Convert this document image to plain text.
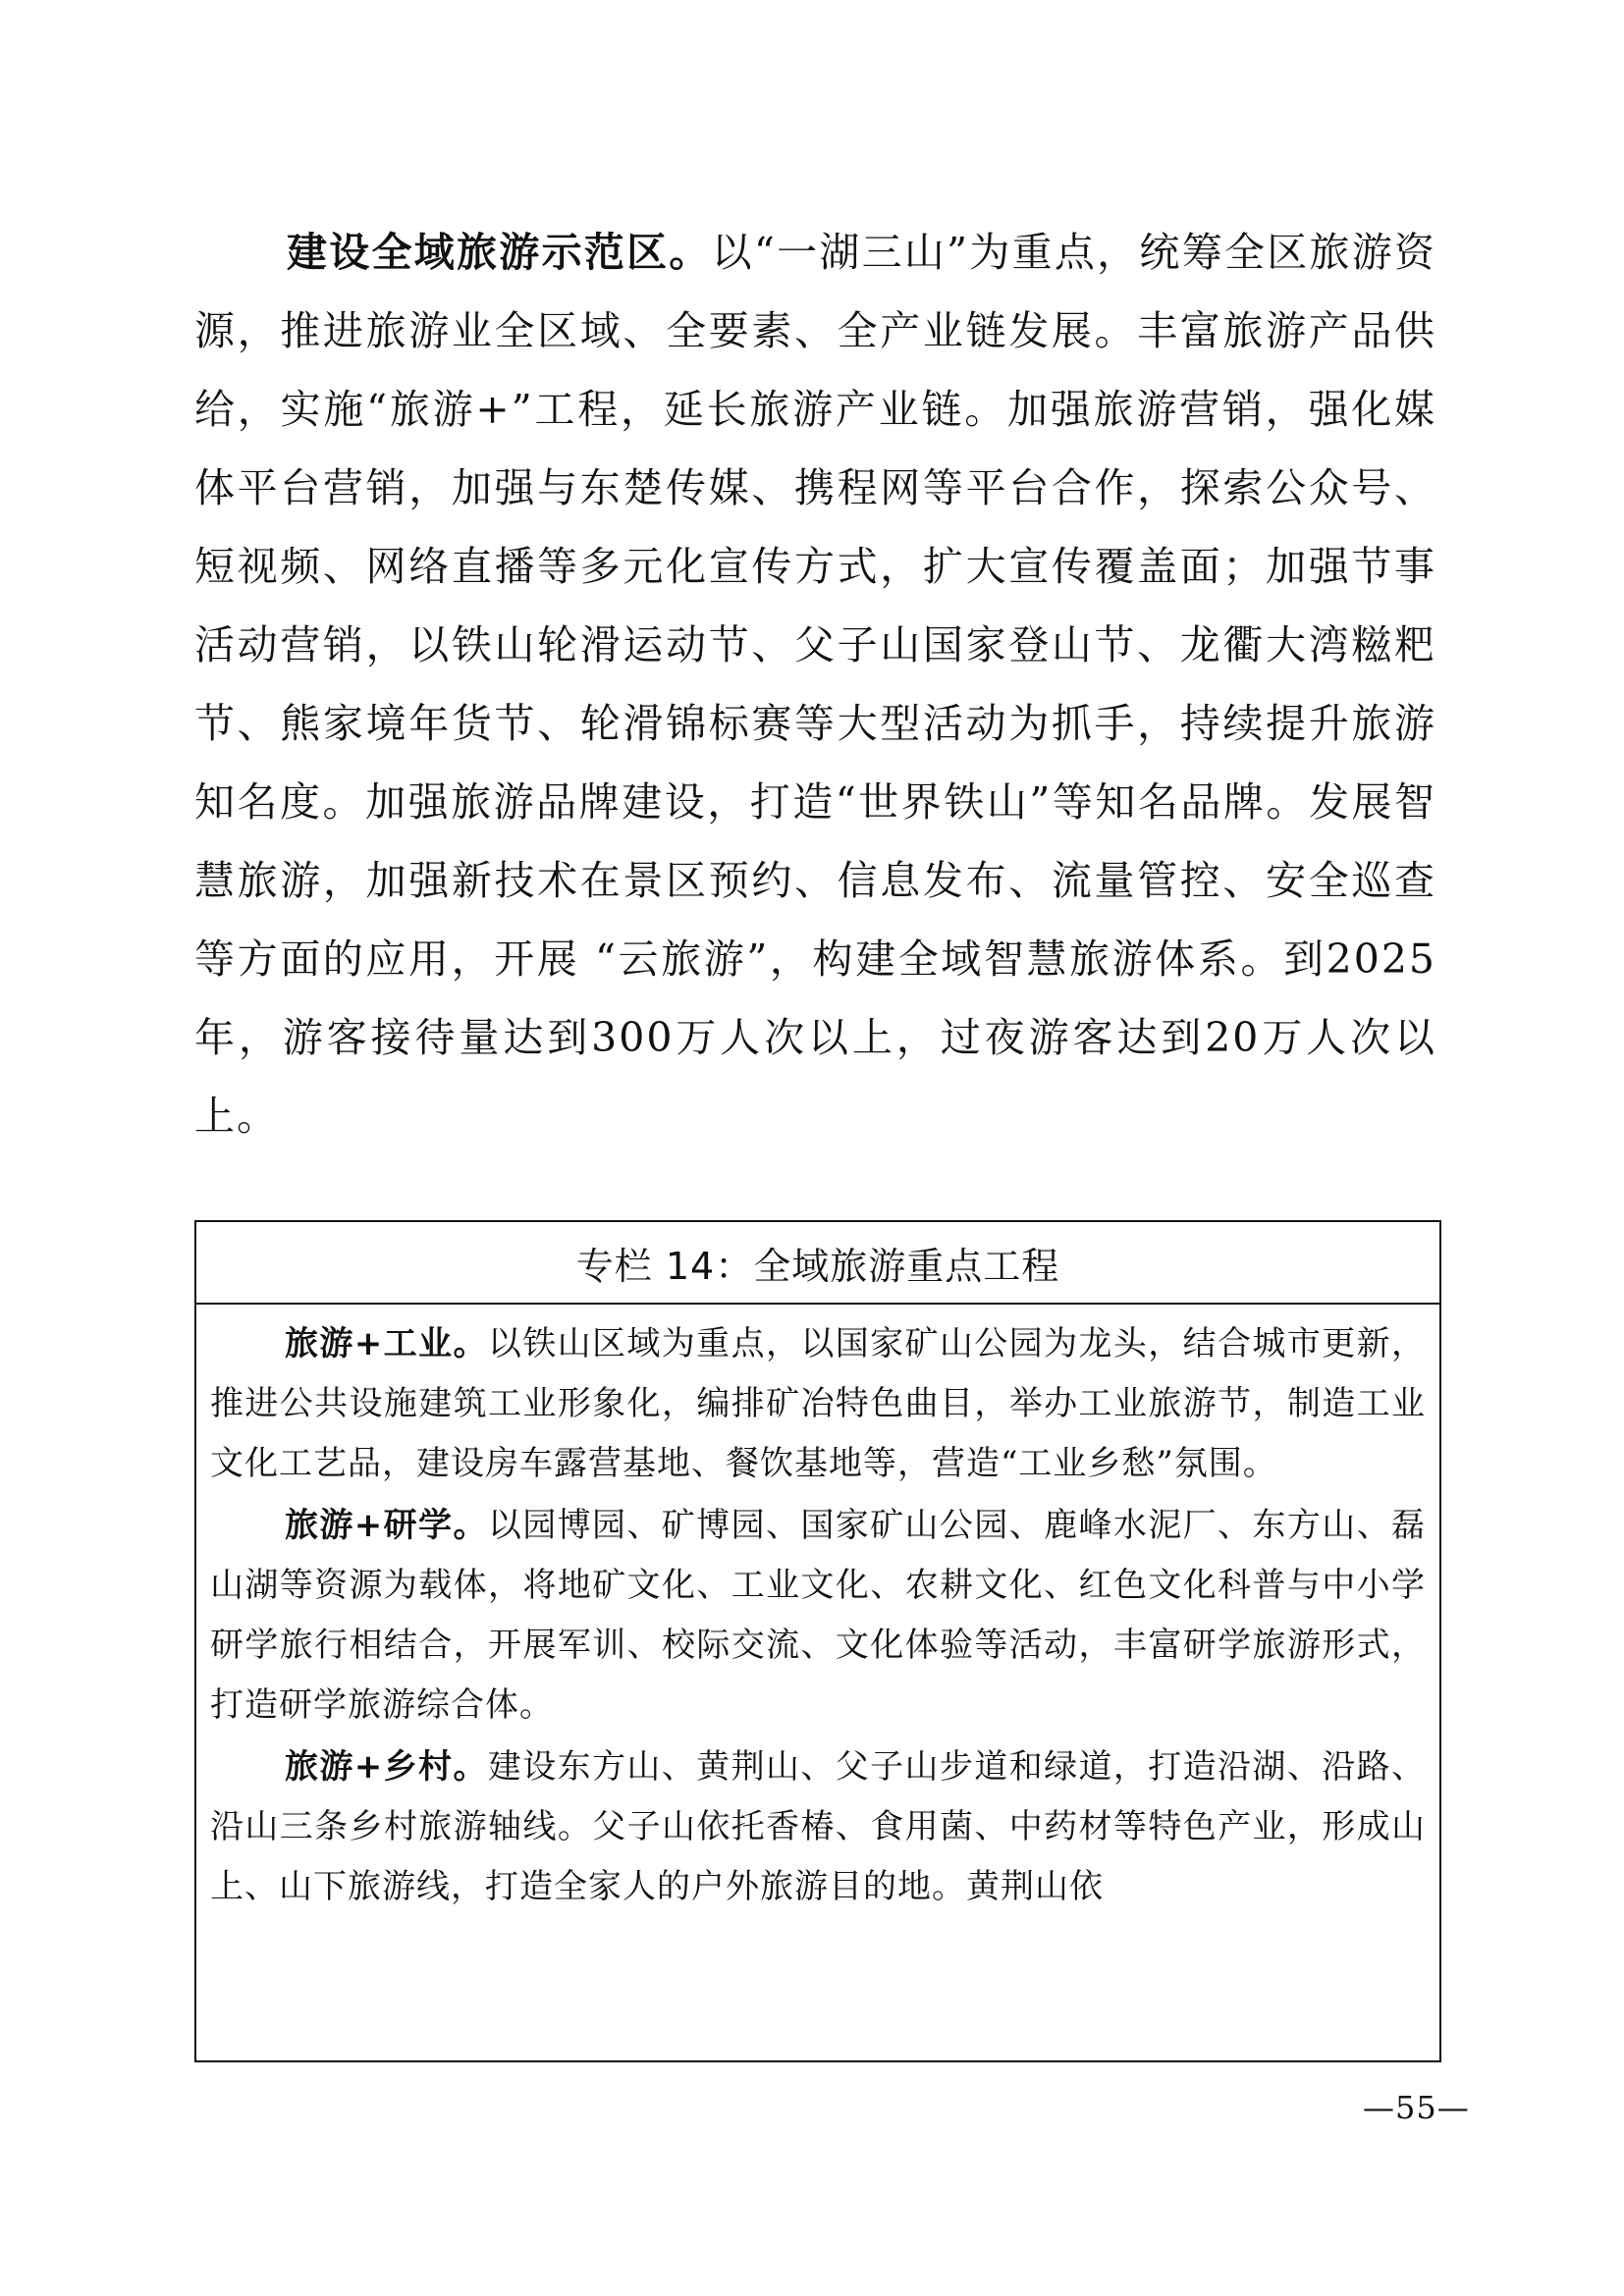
建设全域旅游示范区。以“一湖三山”为重点，统筹全区旅游资源，推进旅游业全区域、全要素、全产业链发展。丰富旅游产品供给，实施“旅游+”工程，延长旅游产业链。加强旅游营销，强化媒体平台营销，加强与东楚传媒、携程网等平台合作，探索公众号、短视频、网络直播等多元化宣传方式，扩大宣传覆盖面；加强节事活动营销，以铁山轮滑运动节、父子山国家登山节、龙衢大湾糍粑节、熊家境年货节、轮滑锦标赛等大型活动为抓手，持续提升旅游知名度。加强旅游品牌建设，打造“世界铁山”等知名品牌。发展智慧旅游，加强新技术在景区预约、信息发布、流量管控、安全巡查等方面的应用，开展 “云旅游”，构建全域智慧旅游体系。到2025年，游客接待量达到300万人次以上，过夜游客达到20万人次以上。

专栏 14：全域旅游重点工程

旅游+工业。以铁山区域为重点，以国家矿山公园为龙头，结合城市更新，推进公共设施建筑工业形象化，编排矿冶特色曲目，举办工业旅游节，制造工业文化工艺品，建设房车露营基地、餐饮基地等，营造“工业乡愁”氛围。

旅游+研学。以园博园、矿博园、国家矿山公园、鹿峰水泥厂、东方山、磊山湖等资源为载体，将地矿文化、工业文化、农耕文化、红色文化科普与中小学研学旅行相结合，开展军训、校际交流、文化体验等活动，丰富研学旅游形式，打造研学旅游综合体。

旅游+乡村。建设东方山、黄荆山、父子山步道和绿道，打造沿湖、沿路、沿山三条乡村旅游轴线。父子山依托香椿、食用菌、中药材等特色产业，形成山上、山下旅游线，打造全家人的户外旅游目的地。黄荆山依

—55—
